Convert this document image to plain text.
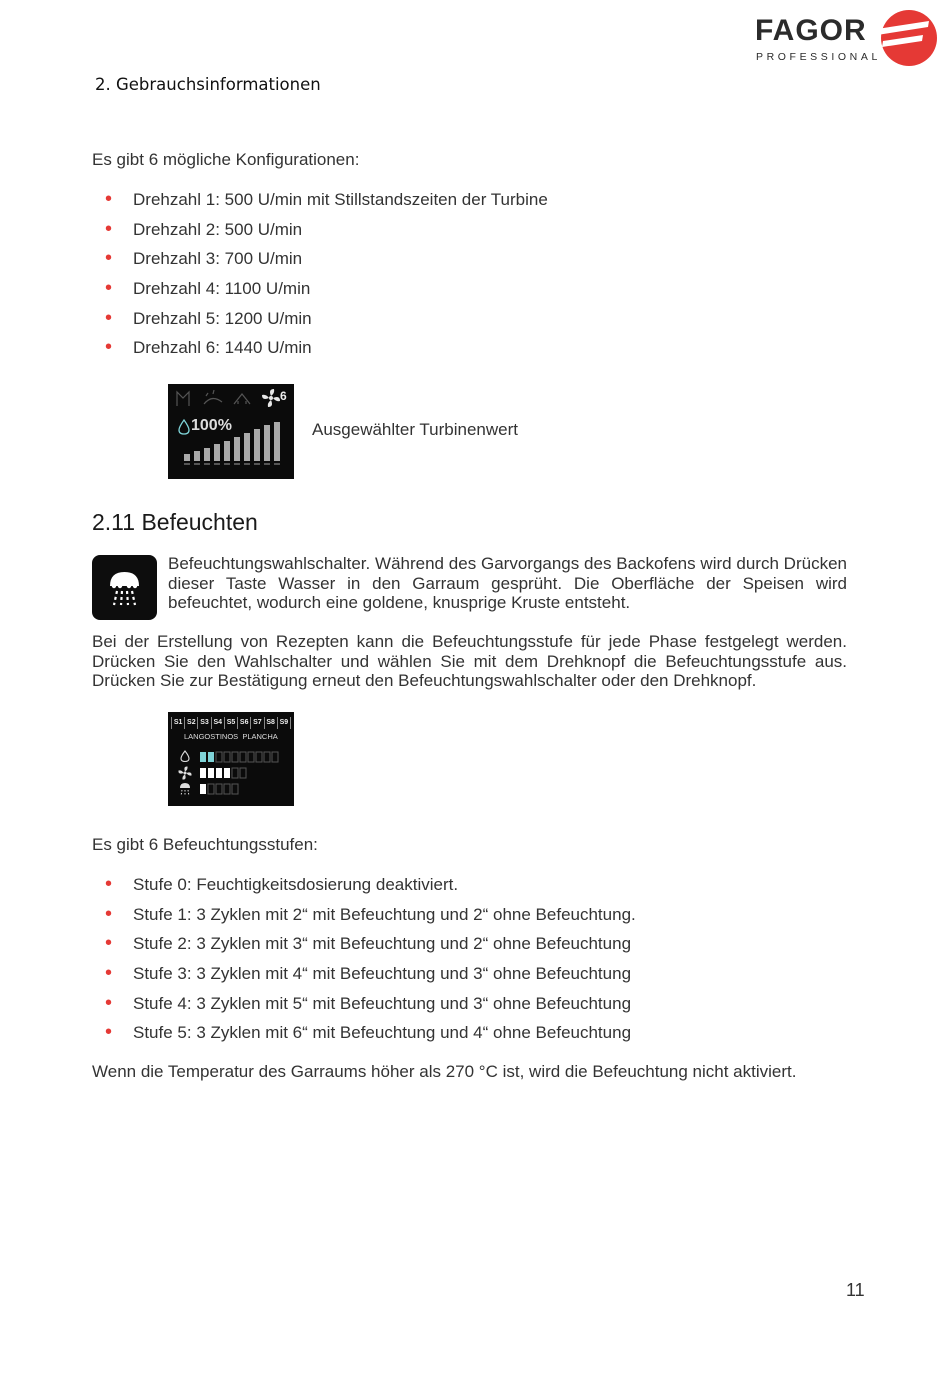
FAGOR
PROFESSIONAL
2. Gebrauchsinformationen
Es gibt 6 mögliche Konfigurationen:
• Drehzahl 1: 500 U/min mit Stillstandszeiten der Turbine
• Drehzahl 2: 500 U/min
• Drehzahl 3: 700 U/min
• Drehzahl 4: 1100 U/min
• Drehzahl 5: 1200 U/min
• Drehzahl 6: 1440 U/min
6
100%	Ausgewählter Turbinenwert
2.11 Befeuchten
Befeuchtungswahlschalter. Während des Garvorgangs des Backofens wird durch Drücken dieser Taste Wasser in den Garraum gesprüht. Die Oberfläche der Speisen wird befeuchtet, wodurch eine goldene, knusprige Kruste entsteht.
Bei der Erstellung von Rezepten kann die Befeuchtungsstufe für jede Phase festgelegt werden. Drücken Sie den Wahlschalter und wählen Sie mit dem Drehknopf die Befeuchtungsstufe aus. Drücken Sie zur Bestätigung erneut den Befeuchtungswahlschalter oder den Drehknopf.
S1 S2 S3 S4 S5 S6 S7 S8 S9
LANGOSTINOS  PLANCHA
Es gibt 6 Befeuchtungsstufen:
• Stufe 0: Feuchtigkeitsdosierung deaktiviert.
• Stufe 1: 3 Zyklen mit 2“ mit Befeuchtung und 2“ ohne Befeuchtung.
• Stufe 2: 3 Zyklen mit 3“ mit Befeuchtung und 2“ ohne Befeuchtung
• Stufe 3: 3 Zyklen mit 4“ mit Befeuchtung und 3“ ohne Befeuchtung
• Stufe 4: 3 Zyklen mit 5“ mit Befeuchtung und 3“ ohne Befeuchtung
• Stufe 5: 3 Zyklen mit 6“ mit Befeuchtung und 4“ ohne Befeuchtung
Wenn die Temperatur des Garraums höher als 270 °C ist, wird die Befeuchtung nicht aktiviert.
11
